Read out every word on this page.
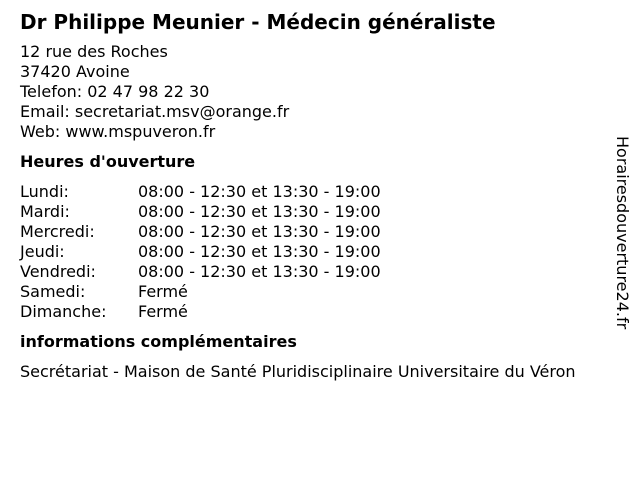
Dr Philippe Meunier - Médecin généraliste
12 rue des Roches
37420 Avoine
Telefon: 02 47 98 22 30
Email: secretariat.msv@orange.fr
Web: www.mspuveron.fr
Heures d'ouverture
Lundi:	08:00 - 12:30 et 13:30 - 19:00
Mardi:	08:00 - 12:30 et 13:30 - 19:00
Mercredi:	08:00 - 12:30 et 13:30 - 19:00
Jeudi:	08:00 - 12:30 et 13:30 - 19:00
Vendredi:	08:00 - 12:30 et 13:30 - 19:00
Samedi:	Fermé
Dimanche:	Fermé
informations complémentaires
Secrétariat - Maison de Santé Pluridisciplinaire Universitaire du Véron
Horairesdouverture24.fr
